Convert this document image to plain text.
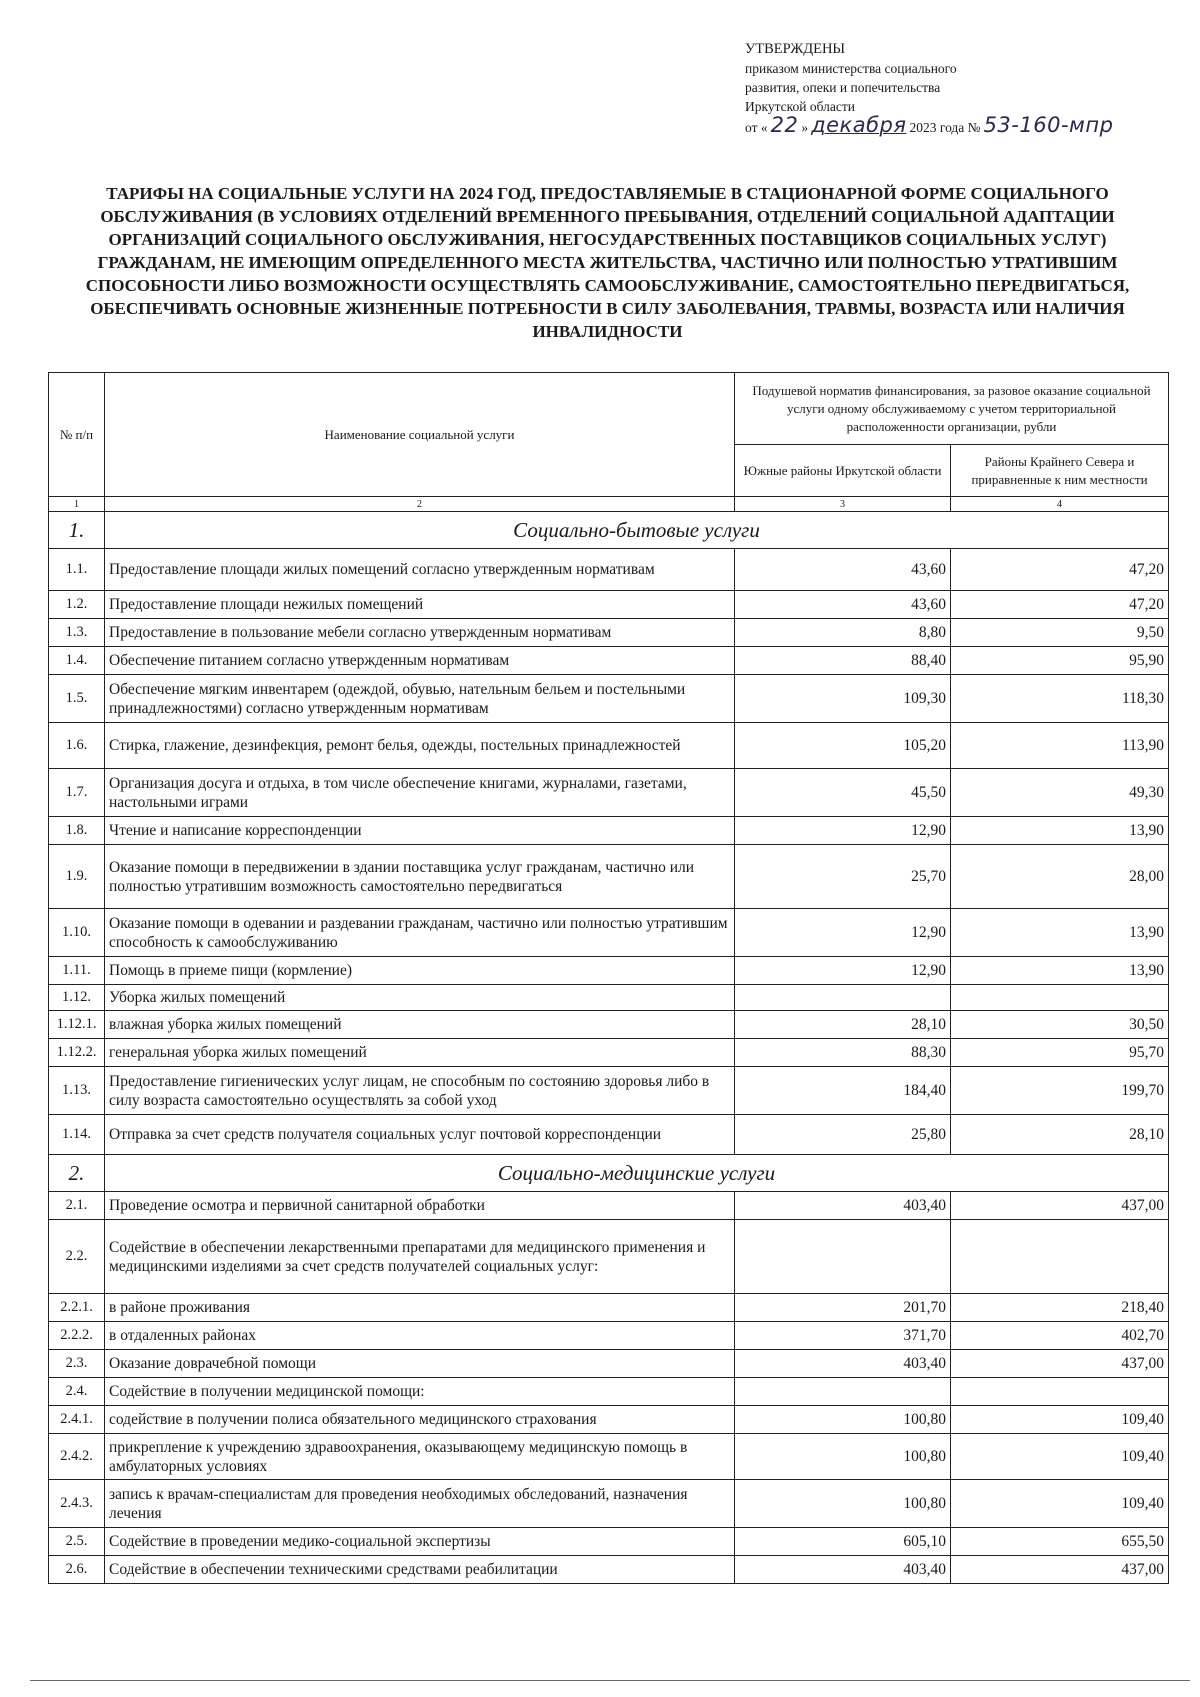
УТВЕРЖДЕНЫ
приказом министерства социального
развития, опеки и попечительства
Иркутской области
от « 22 » декабря 2023 года № 53-160-мпр
ТАРИФЫ НА СОЦИАЛЬНЫЕ УСЛУГИ НА 2024 ГОД, ПРЕДОСТАВЛЯЕМЫЕ В СТАЦИОНАРНОЙ ФОРМЕ СОЦИАЛЬНОГО ОБСЛУЖИВАНИЯ (В УСЛОВИЯХ ОТДЕЛЕНИЙ ВРЕМЕННОГО ПРЕБЫВАНИЯ, ОТДЕЛЕНИЙ СОЦИАЛЬНОЙ АДАПТАЦИИ ОРГАНИЗАЦИЙ СОЦИАЛЬНОГО ОБСЛУЖИВАНИЯ, НЕГОСУДАРСТВЕННЫХ ПОСТАВЩИКОВ СОЦИАЛЬНЫХ УСЛУГ) ГРАЖДАНАМ, НЕ ИМЕЮЩИМ ОПРЕДЕЛЕННОГО МЕСТА ЖИТЕЛЬСТВА, ЧАСТИЧНО ИЛИ ПОЛНОСТЬЮ УТРАТИВШИМ СПОСОБНОСТИ ЛИБО ВОЗМОЖНОСТИ ОСУЩЕСТВЛЯТЬ САМООБСЛУЖИВАНИЕ, САМОСТОЯТЕЛЬНО ПЕРЕДВИГАТЬСЯ, ОБЕСПЕЧИВАТЬ ОСНОВНЫЕ ЖИЗНЕННЫЕ ПОТРЕБНОСТИ В СИЛУ ЗАБОЛЕВАНИЯ, ТРАВМЫ, ВОЗРАСТА ИЛИ НАЛИЧИЯ ИНВАЛИДНОСТИ
№ п/п	Наименование социальной услуги	Подушевой норматив финансирования, за разовое оказание социальной услуги одному обслуживаемому с учетом территориальной расположенности организации, рубли	
		Южные районы Иркутской области	Районы Крайнего Севера и приравненные к ним местности
1	2	3	4
1.	Социально-бытовые услуги		
1.1.	Предоставление площади жилых помещений согласно утвержденным нормативам	43,60	47,20
1.2.	Предоставление площади нежилых помещений	43,60	47,20
1.3.	Предоставление в пользование мебели согласно утвержденным нормативам	8,80	9,50
1.4.	Обеспечение питанием согласно утвержденным нормативам	88,40	95,90
1.5.	Обеспечение мягким инвентарем (одеждой, обувью, нательным бельем и постельными принадлежностями) согласно утвержденным нормативам	109,30	118,30
1.6.	Стирка, глажение, дезинфекция, ремонт белья, одежды, постельных принадлежностей	105,20	113,90
1.7.	Организация досуга и отдыха, в том числе обеспечение книгами, журналами, газетами, настольными играми	45,50	49,30
1.8.	Чтение и написание корреспонденции	12,90	13,90
1.9.	Оказание помощи в передвижении в здании поставщика услуг гражданам, частично или полностью утратившим возможность самостоятельно передвигаться	25,70	28,00
1.10.	Оказание помощи в одевании и раздевании гражданам, частично или полностью утратившим способность к самообслуживанию	12,90	13,90
1.11.	Помощь в приеме пищи (кормление)	12,90	13,90
1.12.	Уборка жилых помещений		
1.12.1.	влажная уборка жилых помещений	28,10	30,50
1.12.2.	генеральная уборка жилых помещений	88,30	95,70
1.13.	Предоставление гигиенических услуг лицам, не способным по состоянию здоровья либо в силу возраста самостоятельно осуществлять за собой уход	184,40	199,70
1.14.	Отправка за счет средств получателя социальных услуг почтовой корреспонденции	25,80	28,10
2.	Социально-медицинские услуги		
2.1.	Проведение осмотра и первичной санитарной обработки	403,40	437,00
2.2.	Содействие в обеспечении лекарственными препаратами для медицинского применения и медицинскими изделиями за счет средств получателей социальных услуг:		
2.2.1.	в районе проживания	201,70	218,40
2.2.2.	в отдаленных районах	371,70	402,70
2.3.	Оказание доврачебной помощи	403,40	437,00
2.4.	Содействие в получении медицинской помощи:		
2.4.1.	содействие в получении полиса обязательного медицинского страхования	100,80	109,40
2.4.2.	прикрепление к учреждению здравоохранения, оказывающему медицинскую помощь в амбулаторных условиях	100,80	109,40
2.4.3.	запись к врачам-специалистам для проведения необходимых обследований, назначения лечения	100,80	109,40
2.5.	Содействие в проведении медико-социальной экспертизы	605,10	655,50
2.6.	Содействие в обеспечении техническими средствами реабилитации	403,40	437,00
